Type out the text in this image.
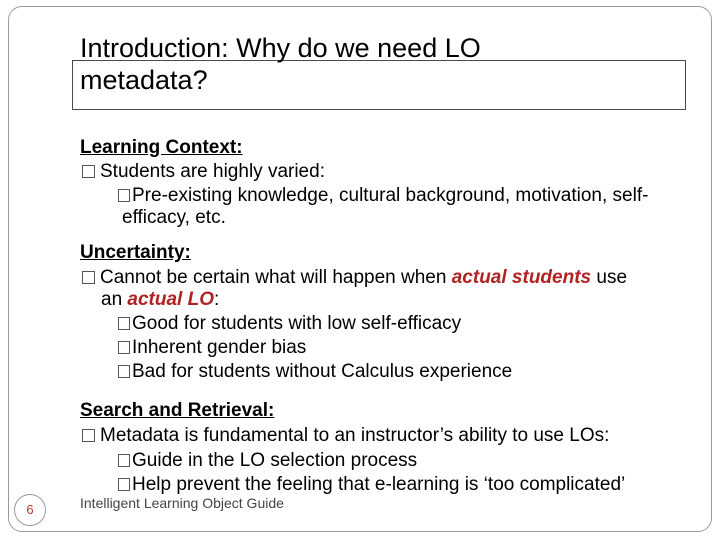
Introduction: Why do we need LO
metadata?
Learning Context:
Students are highly varied:
Pre-existing knowledge, cultural background, motivation, self-
efficacy, etc.
Uncertainty:
Cannot be certain what will happen when actual students use
an actual LO:
Good for students with low self-efficacy
Inherent gender bias
Bad for students without Calculus experience
Search and Retrieval:
Metadata is fundamental to an instructor’s ability to use LOs:
Guide in the LO selection process
Help prevent the feeling that e-learning is ‘too complicated’
6	Intelligent Learning Object Guide
